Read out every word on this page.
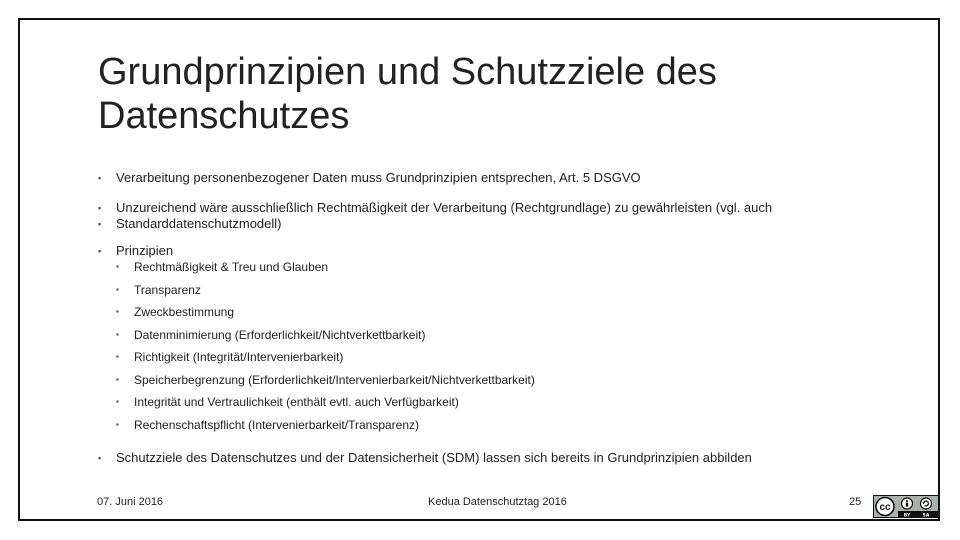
Grundprinzipien und Schutzziele des
Datenschutzes
▪ Verarbeitung personenbezogener Daten muss Grundprinzipien entsprechen, Art. 5 DSGVO
▪ Unzureichend wäre ausschließlich Rechtmäßigkeit der Verarbeitung (Rechtgrundlage) zu gewährleisten (vgl. auch
▪ Standarddatenschutzmodell)
▪ Prinzipien
▪ Rechtmäßigkeit & Treu und Glauben
▪ Transparenz
▪ Zweckbestimmung
▪ Datenminimierung (Erforderlichkeit/Nichtverkettbarkeit)
▪ Richtigkeit (Integrität/Intervenierbarkeit)
▪ Speicherbegrenzung (Erforderlichkeit/Intervenierbarkeit/Nichtverkettbarkeit)
▪ Integrität und Vertraulichkeit (enthält evtl. auch Verfügbarkeit)
▪ Rechenschaftspflicht (Intervenierbarkeit/Transparenz)
▪ Schutzziele des Datenschutzes und der Datensicherheit (SDM) lassen sich bereits in Grundprinzipien abbilden
07. Juni 2016	Kedua Datenschutztag 2016	25 cc
BY	SA
